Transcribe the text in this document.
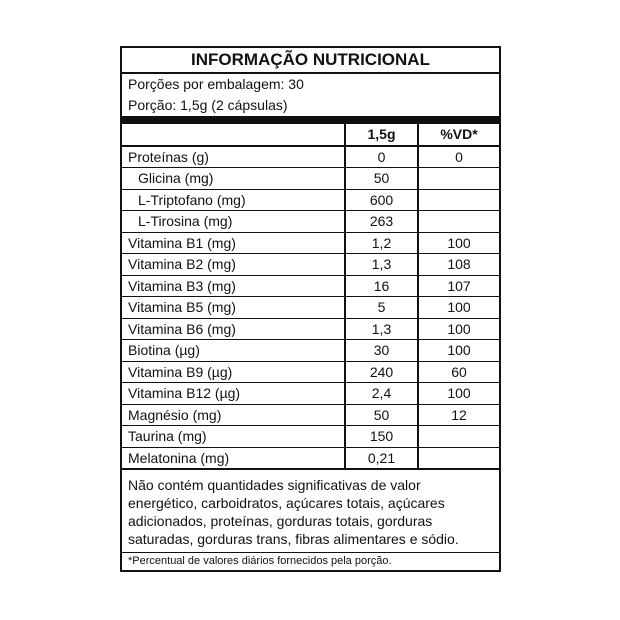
INFORMAÇÃO NUTRICIONAL
Porções por embalagem: 30
Porção: 1,5g (2 cápsulas)
	1,5g	%VD*
Proteínas (g)	0	0
Glicina (mg)	50	
L-Triptofano (mg)	600	
L-Tirosina (mg)	263	
Vitamina B1 (mg)	1,2	100
Vitamina B2 (mg)	1,3	108
Vitamina B3 (mg)	16	107
Vitamina B5 (mg)	5	100
Vitamina B6 (mg)	1,3	100
Biotina (µg)	30	100
Vitamina B9 (µg)	240	60
Vitamina B12 (µg)	2,4	100
Magnésio (mg)	50	12
Taurina (mg)	150	
Melatonina (mg)	0,21	
Não contém quantidades significativas de valor energético, carboidratos, açúcares totais, açúcares adicionados, proteínas, gorduras totais, gorduras saturadas, gorduras trans, fibras alimentares e sódio.
*Percentual de valores diários fornecidos pela porção.
